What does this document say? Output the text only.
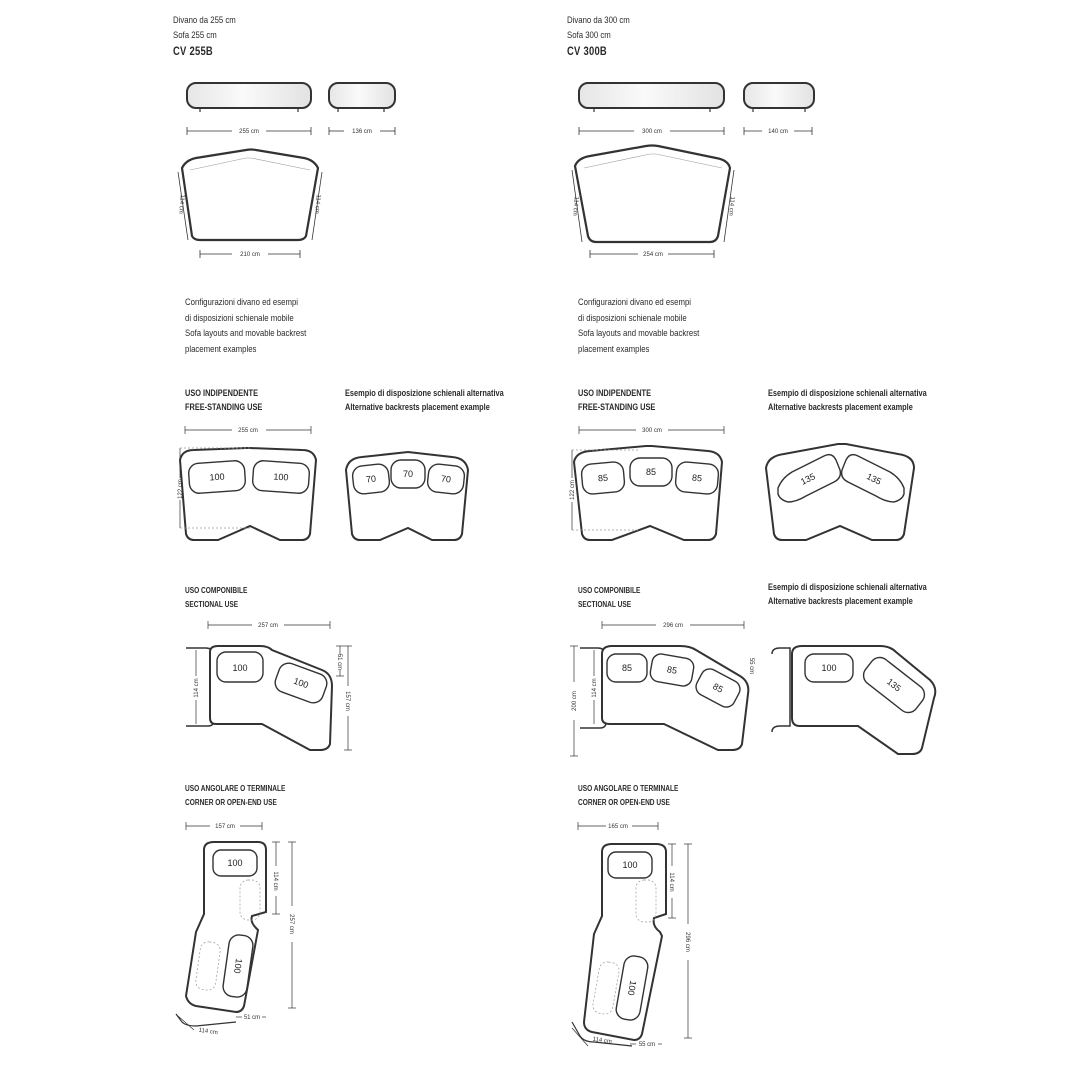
Divano da 255 cm
Sofa 255 cm
CV 255B
Configurazioni divano ed esempi
di disposizioni schienale mobile
Sofa layouts and movable backrest
placement examples
USO INDIPENDENTE
FREE-STANDING USE
Esempio di disposizione schienali alternativa
Alternative backrests placement example
USO COMPONIBILE
SECTIONAL USE
USO ANGOLARE O TERMINALE
CORNER OR OPEN-END USE
Divano da 300 cm
Sofa 300 cm
CV 300B
Configurazioni divano ed esempi
di disposizioni schienale mobile
Sofa layouts and movable backrest
placement examples
USO INDIPENDENTE
FREE-STANDING USE
Esempio di disposizione schienali alternativa
Alternative backrests placement example
USO COMPONIBILE
SECTIONAL USE
Esempio di disposizione schienali alternativa
Alternative backrests placement example
USO ANGOLARE O TERMINALE
CORNER OR OPEN-END USE
255 cm	136 cm
114 cm	114 cm
210 cm
255 cm
122 cm
100	100	70	70	70
257 cm
114 cm
51 cm
157 cm
100
100
157 cm
114 cm
257 cm
114 cm
51 cm
100
100
300 cm	140 cm
114 cm	114 cm
254 cm
300 cm
122 cm
85
85
85	135	135
296 cm
114 cm
55 cm
200 cm
85	85
85
100
135
165 cm
114 cm
296 cm
114 cm	55 cm
100
100
